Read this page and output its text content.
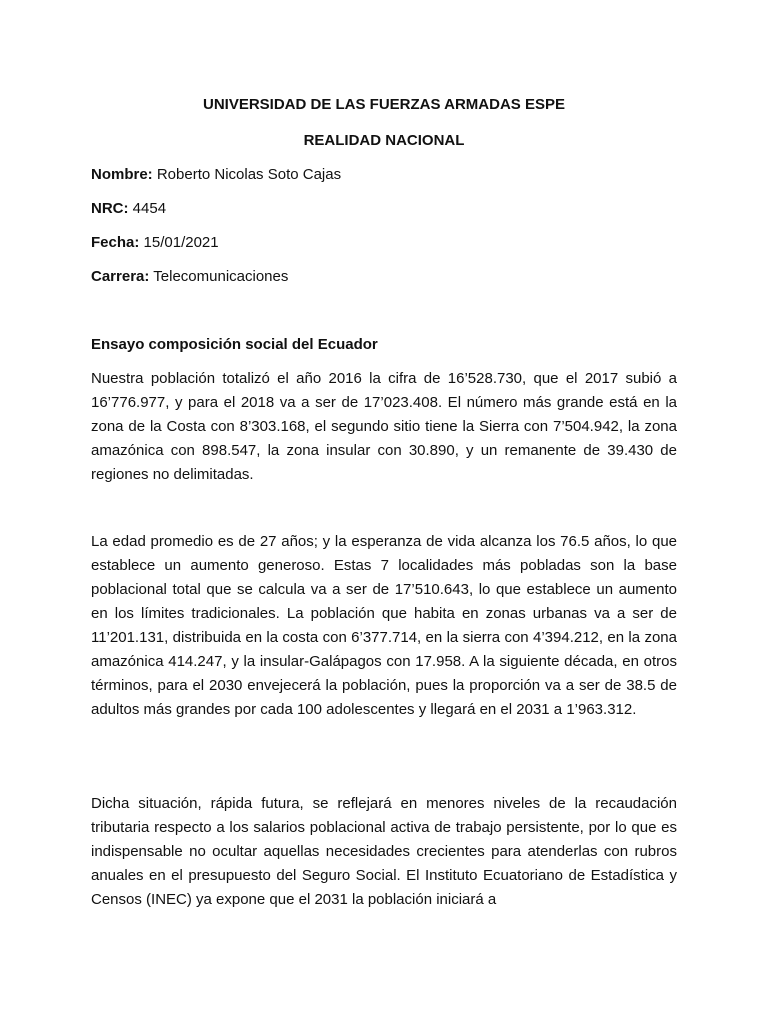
UNIVERSIDAD DE LAS FUERZAS ARMADAS ESPE
REALIDAD NACIONAL
Nombre: Roberto Nicolas Soto Cajas
NRC: 4454
Fecha: 15/01/2021
Carrera: Telecomunicaciones
Ensayo composición social del Ecuador

Nuestra población totalizó el año 2016 la cifra de 16’528.730, que el 2017 subió a 16’776.977, y para el 2018 va a ser de 17’023.408. El número más grande está en la zona de la Costa con 8’303.168, el segundo sitio tiene la Sierra con 7’504.942, la zona amazónica con 898.547, la zona insular con 30.890, y un remanente de 39.430 de regiones no delimitadas.

La edad promedio es de 27 años; y la esperanza de vida alcanza los 76.5 años, lo que establece un aumento generoso. Estas 7 localidades más pobladas son la base poblacional total que se calcula va a ser de 17’510.643, lo que establece un aumento en los límites tradicionales. La población que habita en zonas urbanas va a ser de 11’201.131, distribuida en la costa con 6’377.714, en la sierra con 4’394.212, en la zona amazónica 414.247, y la insular-Galápagos con 17.958. A la siguiente década, en otros términos, para el 2030 envejecerá la población, pues la proporción va a ser de 38.5 de adultos más grandes por cada 100 adolescentes y llegará en el 2031 a 1’963.312.

Dicha situación, rápida futura, se reflejará en menores niveles de la recaudación tributaria respecto a los salarios poblacional activa de trabajo persistente, por lo que es indispensable no ocultar aquellas necesidades crecientes para atenderlas con rubros anuales en el presupuesto del Seguro Social. El Instituto Ecuatoriano de Estadística y Censos (INEC) ya expone que el 2031 la población iniciará a
